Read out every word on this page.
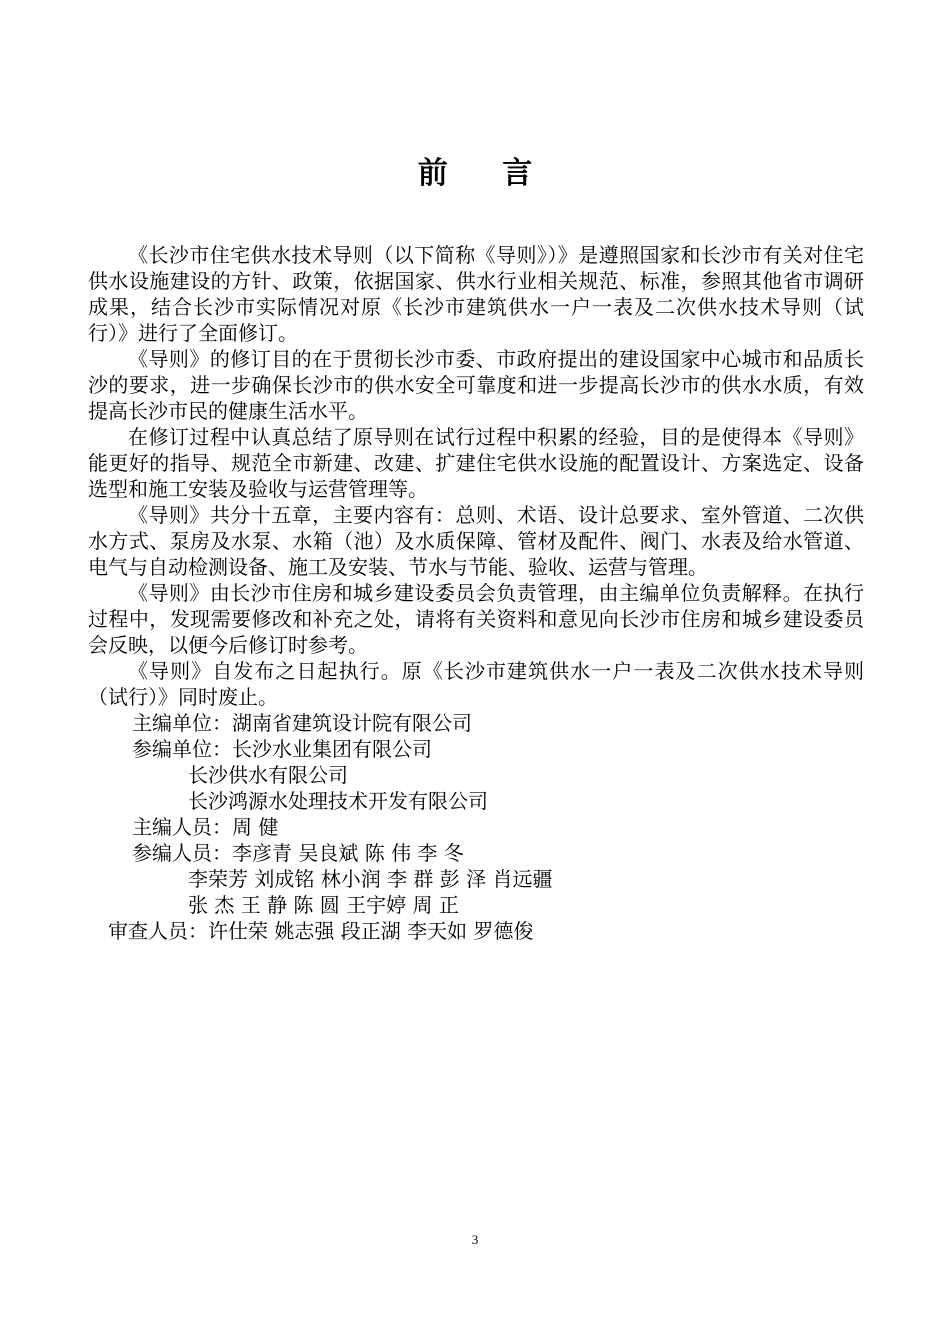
前 言

《长沙市住宅供水技术导则（以下简称《导则》）》是遵照国家和长沙市有关对住宅供水设施建设的方针、政策，依据国家、供水行业相关规范、标准，参照其他省市调研成果，结合长沙市实际情况对原《长沙市建筑供水一户一表及二次供水技术导则（试行）》进行了全面修订。

《导则》的修订目的在于贯彻长沙市委、市政府提出的建设国家中心城市和品质长沙的要求，进一步确保长沙市的供水安全可靠度和进一步提高长沙市的供水水质，有效提高长沙市民的健康生活水平。

在修订过程中认真总结了原导则在试行过程中积累的经验，目的是使得本《导则》能更好的指导、规范全市新建、改建、扩建住宅供水设施的配置设计、方案选定、设备选型和施工安装及验收与运营管理等。

《导则》共分十五章，主要内容有：总则、术语、设计总要求、室外管道、二次供水方式、泵房及水泵、水箱（池）及水质保障、管材及配件、阀门、水表及给水管道、电气与自动检测设备、施工及安装、节水与节能、验收、运营与管理。

《导则》由长沙市住房和城乡建设委员会负责管理，由主编单位负责解释。在执行过程中，发现需要修改和补充之处，请将有关资料和意见向长沙市住房和城乡建设委员会反映，以便今后修订时参考。

《导则》自发布之日起执行。原《长沙市建筑供水一户一表及二次供水技术导则（试行）》同时废止。

主编单位：湖南省建筑设计院有限公司

参编单位：长沙水业集团有限公司

长沙供水有限公司

长沙鸿源水处理技术开发有限公司

主编人员：周 健

参编人员：李彦青 吴良斌 陈 伟 李 冬

李荣芳 刘成铭 林小润 李 群 彭 泽 肖远疆

张 杰 王 静 陈 圆 王宇婷 周 正

审查人员：许仕荣 姚志强 段正湖 李天如 罗德俊

3
